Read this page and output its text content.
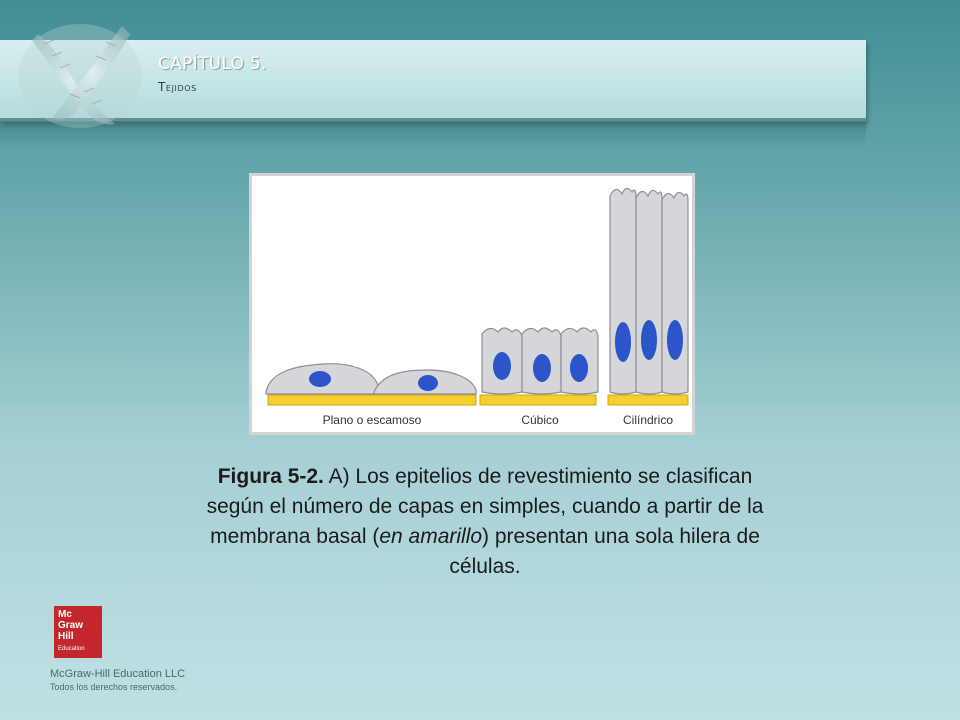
CAPÍTULO 5.
Tejidos
Plano o escamoso	Cúbico	Cilíndrico
Figura 5-2. A) Los epitelios de revestimiento se clasifican según el número de capas en simples, cuando a partir de la membrana basal (en amarillo) presentan una sola hilera de células.
Mc
Graw
Hill
Education
McGraw-Hill Education LLC
Todos los derechos reservados.
